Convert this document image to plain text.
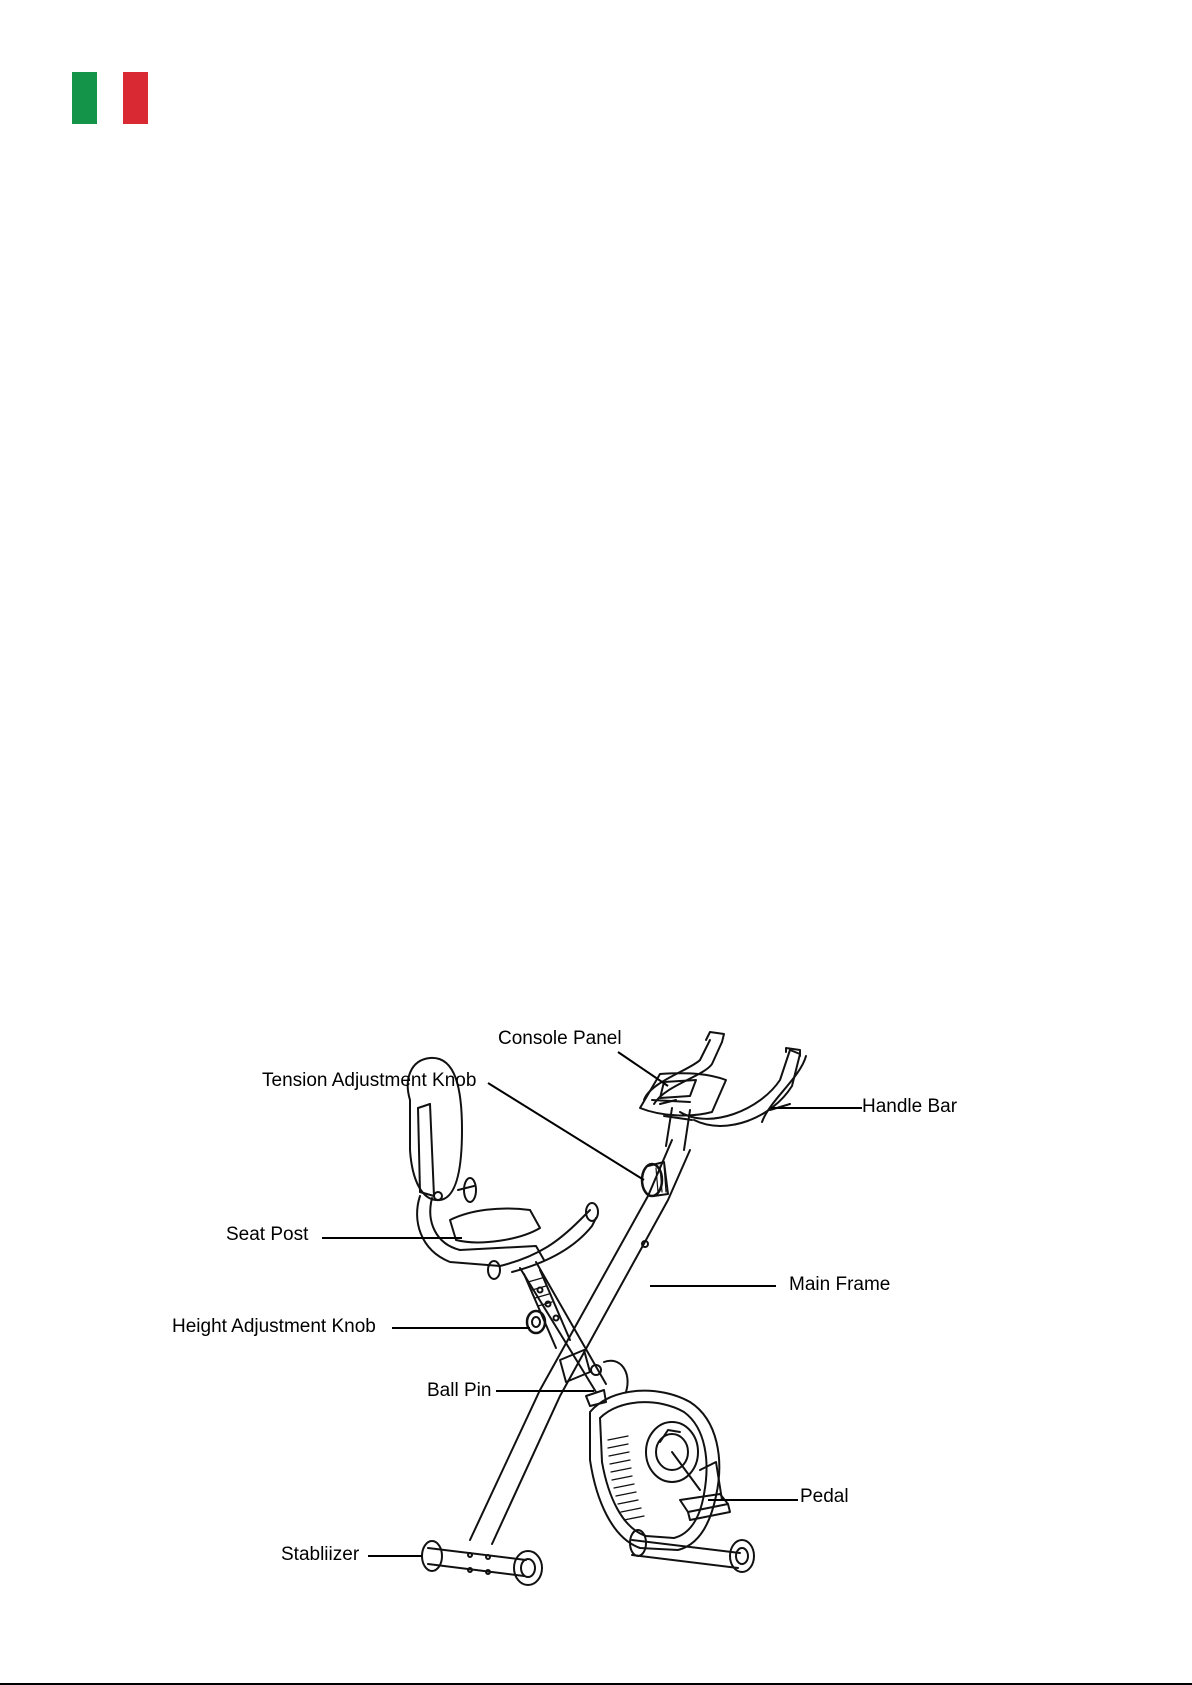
Console Panel
Tension Adjustment Knob
Handle Bar
Seat Post
Main Frame
Height Adjustment Knob
Ball Pin
Pedal
Stabliizer
